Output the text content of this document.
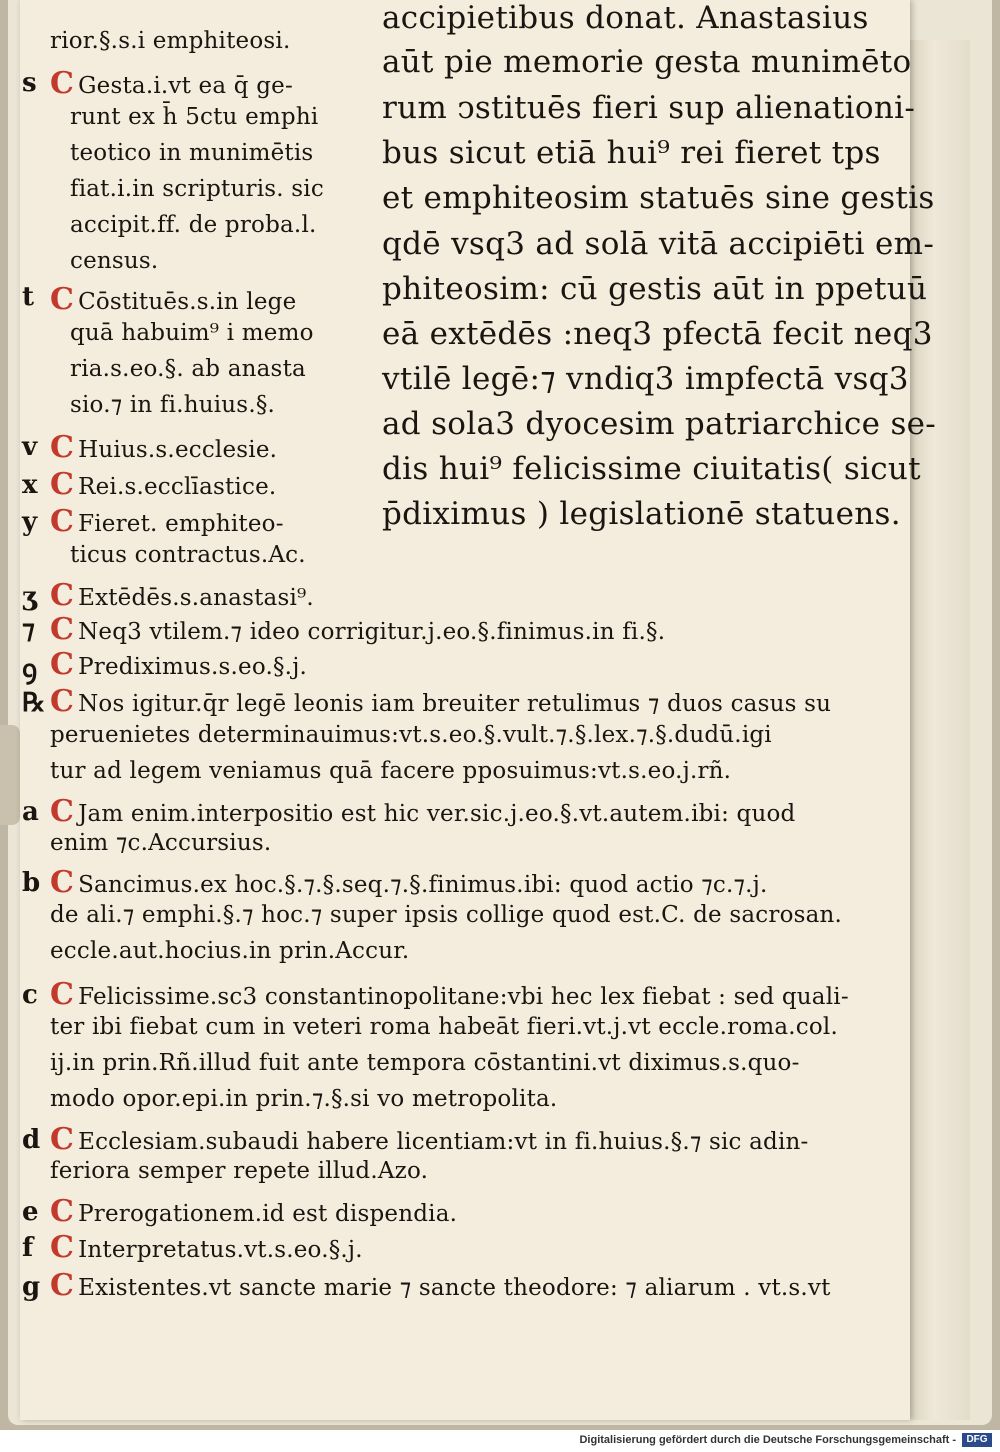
s
t
v
x
y
rior.§.s.i emphiteosi.
C Gesta.i.vt ea q̄ ge-
runt ex h̄ 5ctu emphi
teotico in munimētis
fiat.i.in scripturis. sic
accipit.ff. de proba.l.
census.
C Cōstituēs.s.in lege
quā habuim⁹ i memo
ria.s.eo.§. ab anasta
sio.⁊ in fi.huius.§.
C Huius.s.ecclesie.
C Rei.s.ecclīastice.
C Fieret. emphiteo-
ticus contractus.Ac.
accipietibus donat. Anastasius
aūt pie memorie gesta munimēto
rum ↄstituēs fieri sup alienationi-
bus sicut etiā hui⁹ rei fieret tps
et emphiteosim statuēs sine gestis
qdē vsq3 ad solā vitā accipiēti em-
phiteosim: cū gestis aūt in ppetuū
eā extēdēs :neq3 pfectā fecit neq3
vtilē legē:⁊ vndiq3 impfectā vsq3
ad sola3 dyocesim patriarchice se-
dis hui⁹ felicissime ciuitatis( sicut
p̄diximus ) legislationē statuens.
ʒ
⁊
ꝯ
℞
a
b
c
d
e
f
g
C Extēdēs.s.anastasi⁹.
C Neq3 vtilem.⁊ ideo corrigitur.j.eo.§.finimus.in fi.§.
C Prediximus.s.eo.§.j.
C Nos igitur.q̄r legē leonis iam breuiter retulimus ⁊ duos casus su
peruenietes determinauimus:vt.s.eo.§.vult.⁊.§.lex.⁊.§.dudū.igi
tur ad legem veniamus quā facere pposuimus:vt.s.eo.j.rñ.
C Jam enim.interpositio est hic ver.sic.j.eo.§.vt.autem.ibi: quod
enim ⁊c.Accursius.
C Sancimus.ex hoc.§.⁊.§.seq.⁊.§.finimus.ibi: quod actio ⁊c.⁊.j.
de ali.⁊ emphi.§.⁊ hoc.⁊ super ipsis collige quod est.C. de sacrosan.
eccle.aut.hocius.in prin.Accur.
C Felicissime.sc3 constantinopolitane:vbi hec lex fiebat : sed quali-
ter ibi fiebat cum in veteri roma habeāt fieri.vt.j.vt eccle.roma.col.
ij.in prin.Rñ.illud fuit ante tempora cōstantini.vt diximus.s.quo-
modo opor.epi.in prin.⁊.§.si vo metropolita.
C Ecclesiam.subaudi habere licentiam:vt in fi.huius.§.⁊ sic adin-
feriora semper repete illud.Azo.
C Prerogationem.id est dispendia.
C Interpretatus.vt.s.eo.§.j.
C Existentes.vt sancte marie ⁊ sancte theodore: ⁊ aliarum . vt.s.vt
Digitalisierung gefördert durch die Deutsche Forschungsgemeinschaft -	DFG
